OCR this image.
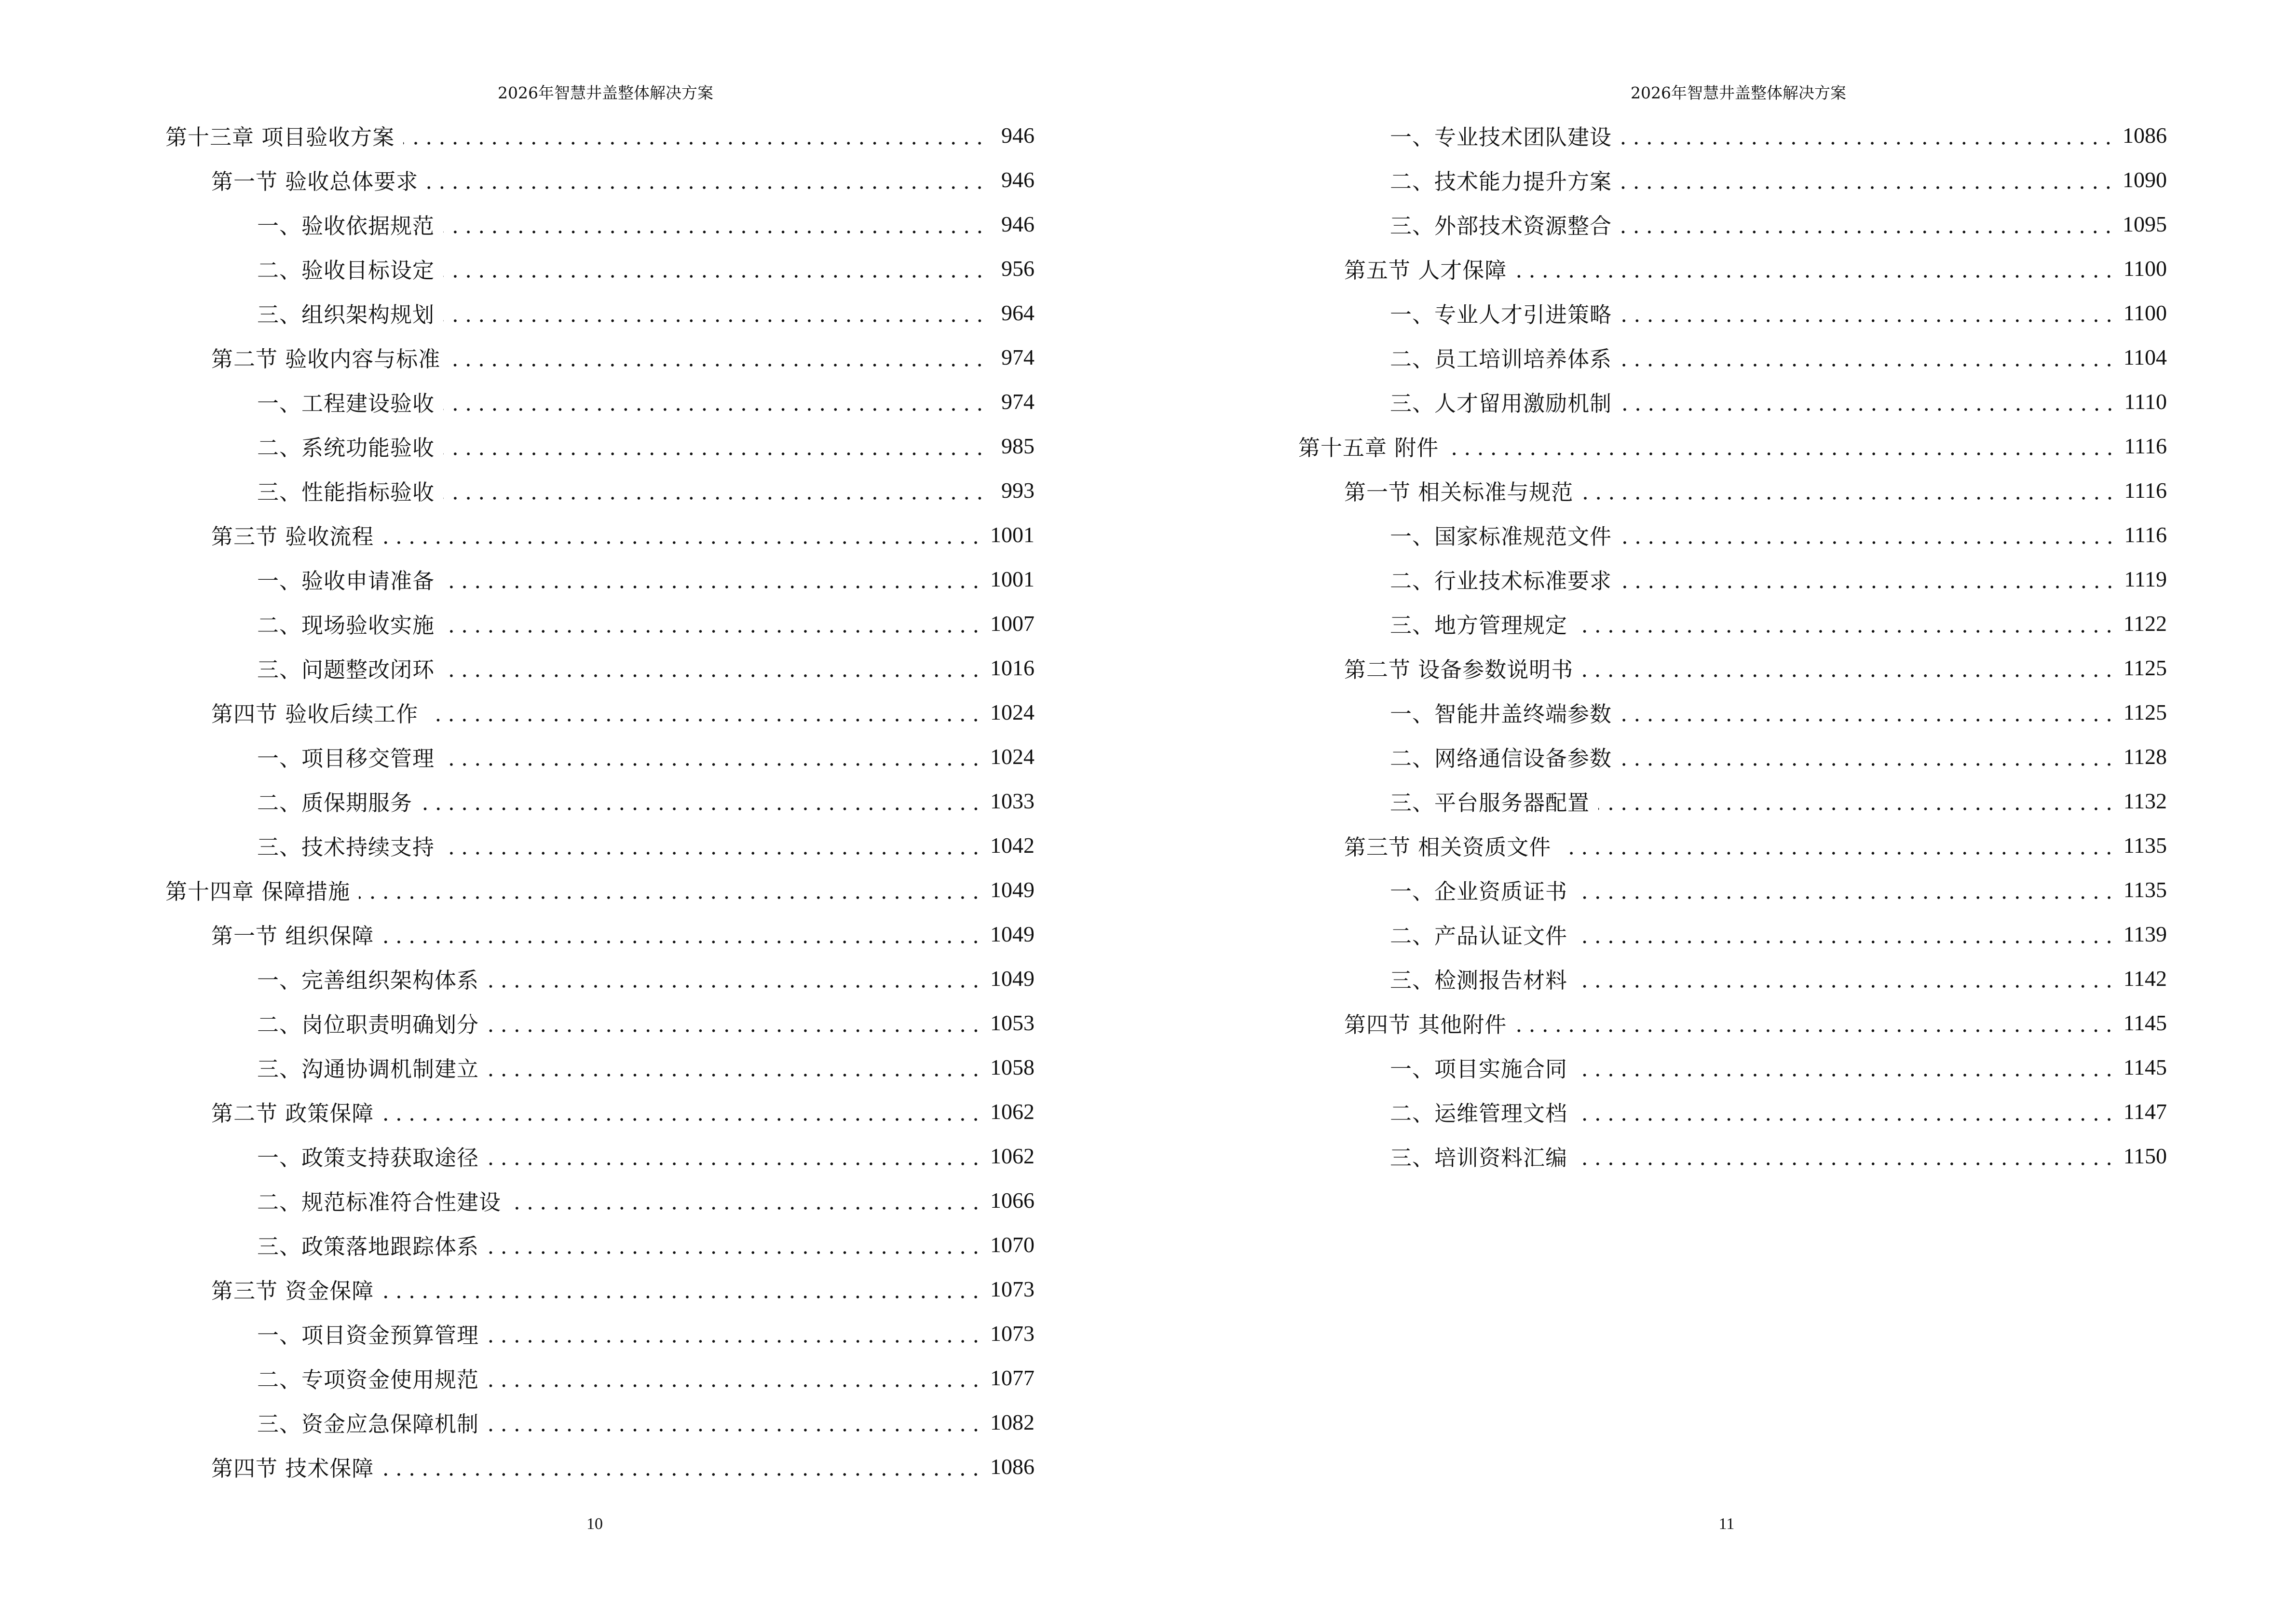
2026年智慧井盖整体解决方案
第十三章 项目验收方案	946
第一节 验收总体要求	946
一、验收依据规范	946
二、验收目标设定	956
三、组织架构规划	964
第二节 验收内容与标准	974
一、工程建设验收	974
二、系统功能验收	985
三、性能指标验收	993
第三节 验收流程	1001
一、验收申请准备	1001
二、现场验收实施	1007
三、问题整改闭环	1016
第四节 验收后续工作	1024
一、项目移交管理	1024
二、质保期服务	1033
三、技术持续支持	1042
第十四章 保障措施	1049
第一节 组织保障	1049
一、完善组织架构体系	1049
二、岗位职责明确划分	1053
三、沟通协调机制建立	1058
第二节 政策保障	1062
一、政策支持获取途径	1062
二、规范标准符合性建设	1066
三、政策落地跟踪体系	1070
第三节 资金保障	1073
一、项目资金预算管理	1073
二、专项资金使用规范	1077
三、资金应急保障机制	1082
第四节 技术保障	1086
10
2026年智慧井盖整体解决方案
一、专业技术团队建设	1086
二、技术能力提升方案	1090
三、外部技术资源整合	1095
第五节 人才保障	1100
一、专业人才引进策略	1100
二、员工培训培养体系	1104
三、人才留用激励机制	1110
第十五章 附件	1116
第一节 相关标准与规范	1116
一、国家标准规范文件	1116
二、行业技术标准要求	1119
三、地方管理规定	1122
第二节 设备参数说明书	1125
一、智能井盖终端参数	1125
二、网络通信设备参数	1128
三、平台服务器配置	1132
第三节 相关资质文件	1135
一、企业资质证书	1135
二、产品认证文件	1139
三、检测报告材料	1142
第四节 其他附件	1145
一、项目实施合同	1145
二、运维管理文档	1147
三、培训资料汇编	1150
11
